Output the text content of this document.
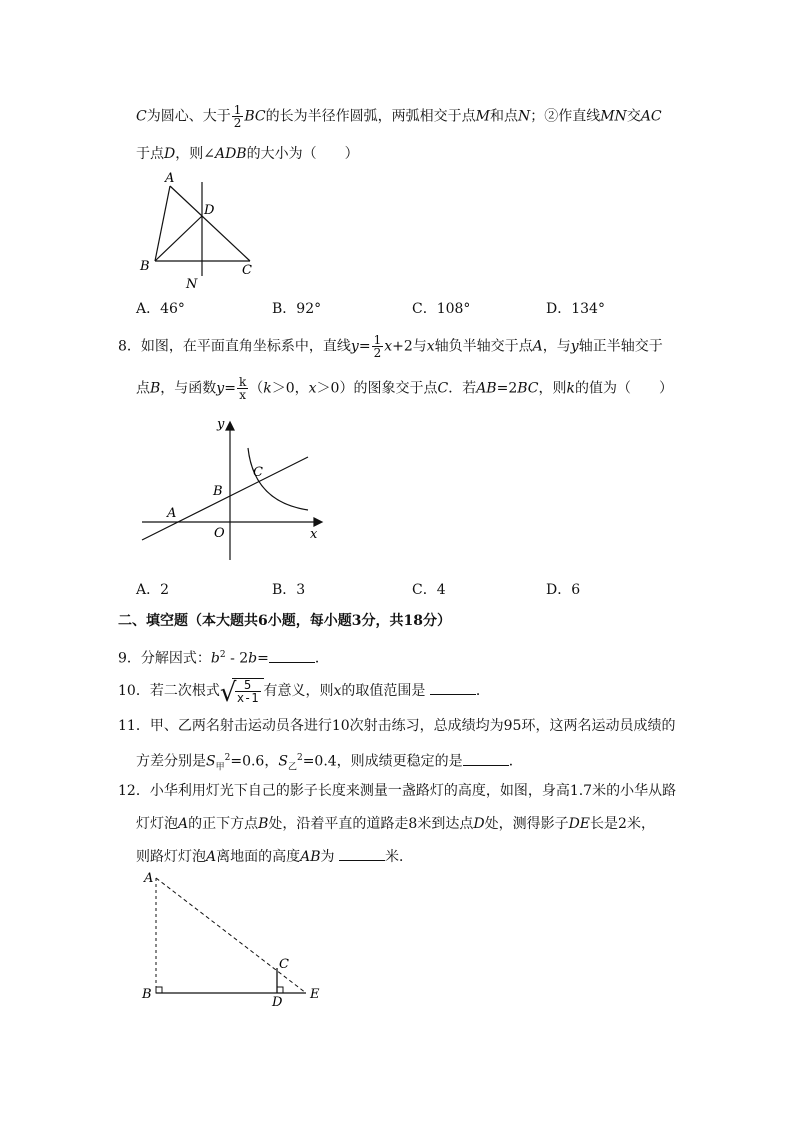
C为圆心、大于 $\frac{1}{2}$ BC的长为半径作圆弧，两弧相交于点M和点N；②作直线MN交AC
于点D，则∠ADB的大小为（　　）
A
D
B	C
N
A．46°	B．92°	C．108°	D．134°
8．如图，在平面直角坐标系中，直线$y= \frac{1}{2} x+2$与x轴负半轴交于点A，与y轴正半轴交于
点B，与函数$y= \frac{k}{x} (k>0$，x＞0）的图象交于点C．若AB=2BC，则k的值为（　　）
y
x
O
A
B
C
A．2	B．3	C．4	D．6
二、填空题（本大题共6小题，每小题3分，共18分）
9．分解因式：$b^2 - 2b=$	．
10．若二次根式 √
$\frac{5}{x-1}$ 有意义，则x的取值范围是	．
11．甲、乙两名射击运动员各进行10次射击练习，总成绩均为95环，这两名运动员成绩的
方差分别是$S_甲^2=0.6$，$S_乙^2=0.4$，则成绩更稳定的是	．
12．小华利用灯光下自己的影子长度来测量一盏路灯的高度，如图，身高1.7米的小华从路
灯灯泡A的正下方点B处，沿着平直的道路走8米到达点D处，测得影子DE长是2米，
则路灯灯泡A离地面的高度AB为	米．
A
B
C
D
E
